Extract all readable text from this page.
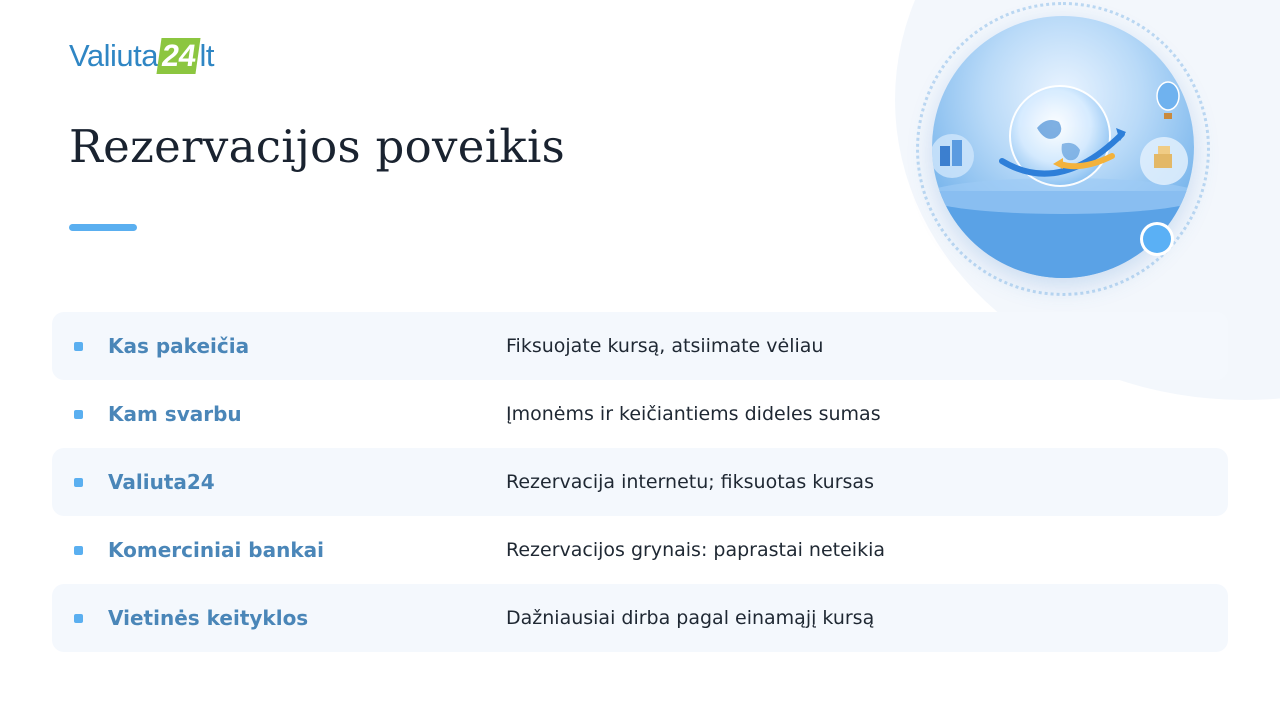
Valiuta24lt
Rezervacijos poveikis
Kas pakeičia	Fiksuojate kursą, atsiimate vėliau
Kam svarbu	Įmonėms ir keičiantiems dideles sumas
Valiuta24	Rezervacija internetu; fiksuotas kursas
Komerciniai bankai	Rezervacijos grynais: paprastai neteikia
Vietinės keityklos	Dažniausiai dirba pagal einamąjį kursą
